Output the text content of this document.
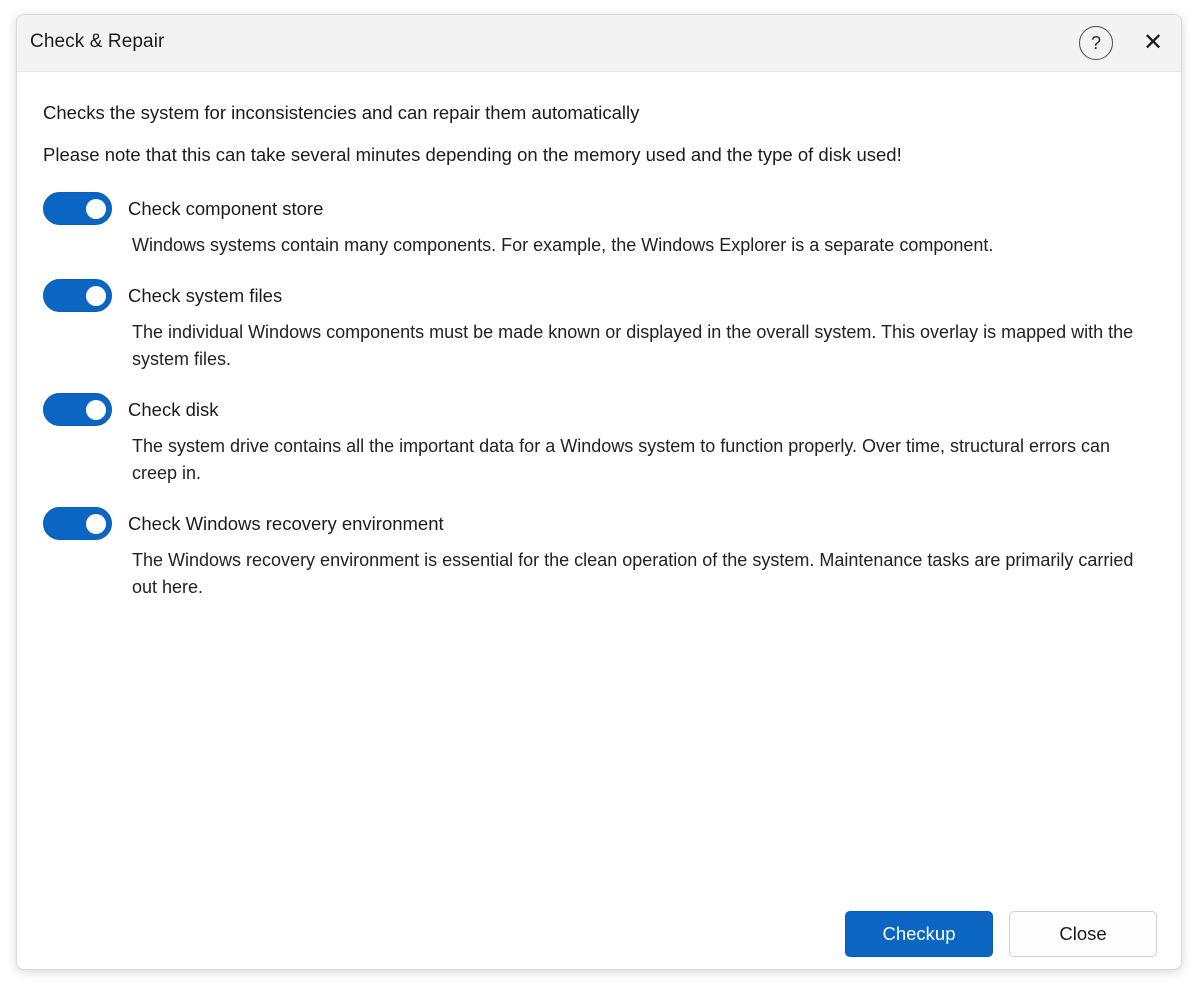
Check & Repair	?	✕
Checks the system for inconsistencies and can repair them automatically
Please note that this can take several minutes depending on the memory used and the type of disk used!
Check component store
Windows systems contain many components. For example, the Windows Explorer is a separate component.
Check system files
The individual Windows components must be made known or displayed in the overall system. This overlay is mapped with the system files.
Check disk
The system drive contains all the important data for a Windows system to function properly. Over time, structural errors can creep in.
Check Windows recovery environment
The Windows recovery environment is essential for the clean operation of the system. Maintenance tasks are primarily carried out here.
Checkup	Close
